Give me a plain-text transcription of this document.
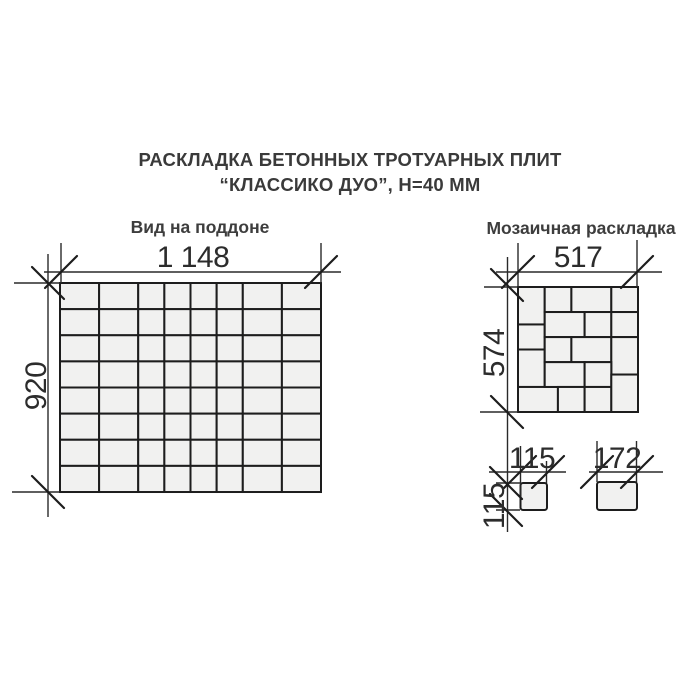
РАСКЛАДКА БЕТОННЫХ ТРОТУАРНЫХ ПЛИТ
“КЛАССИКО ДУО”, Н=40 ММ
Вид на поддоне	Мозаичная раскладка
1 148
920
517
574
115 172
115
